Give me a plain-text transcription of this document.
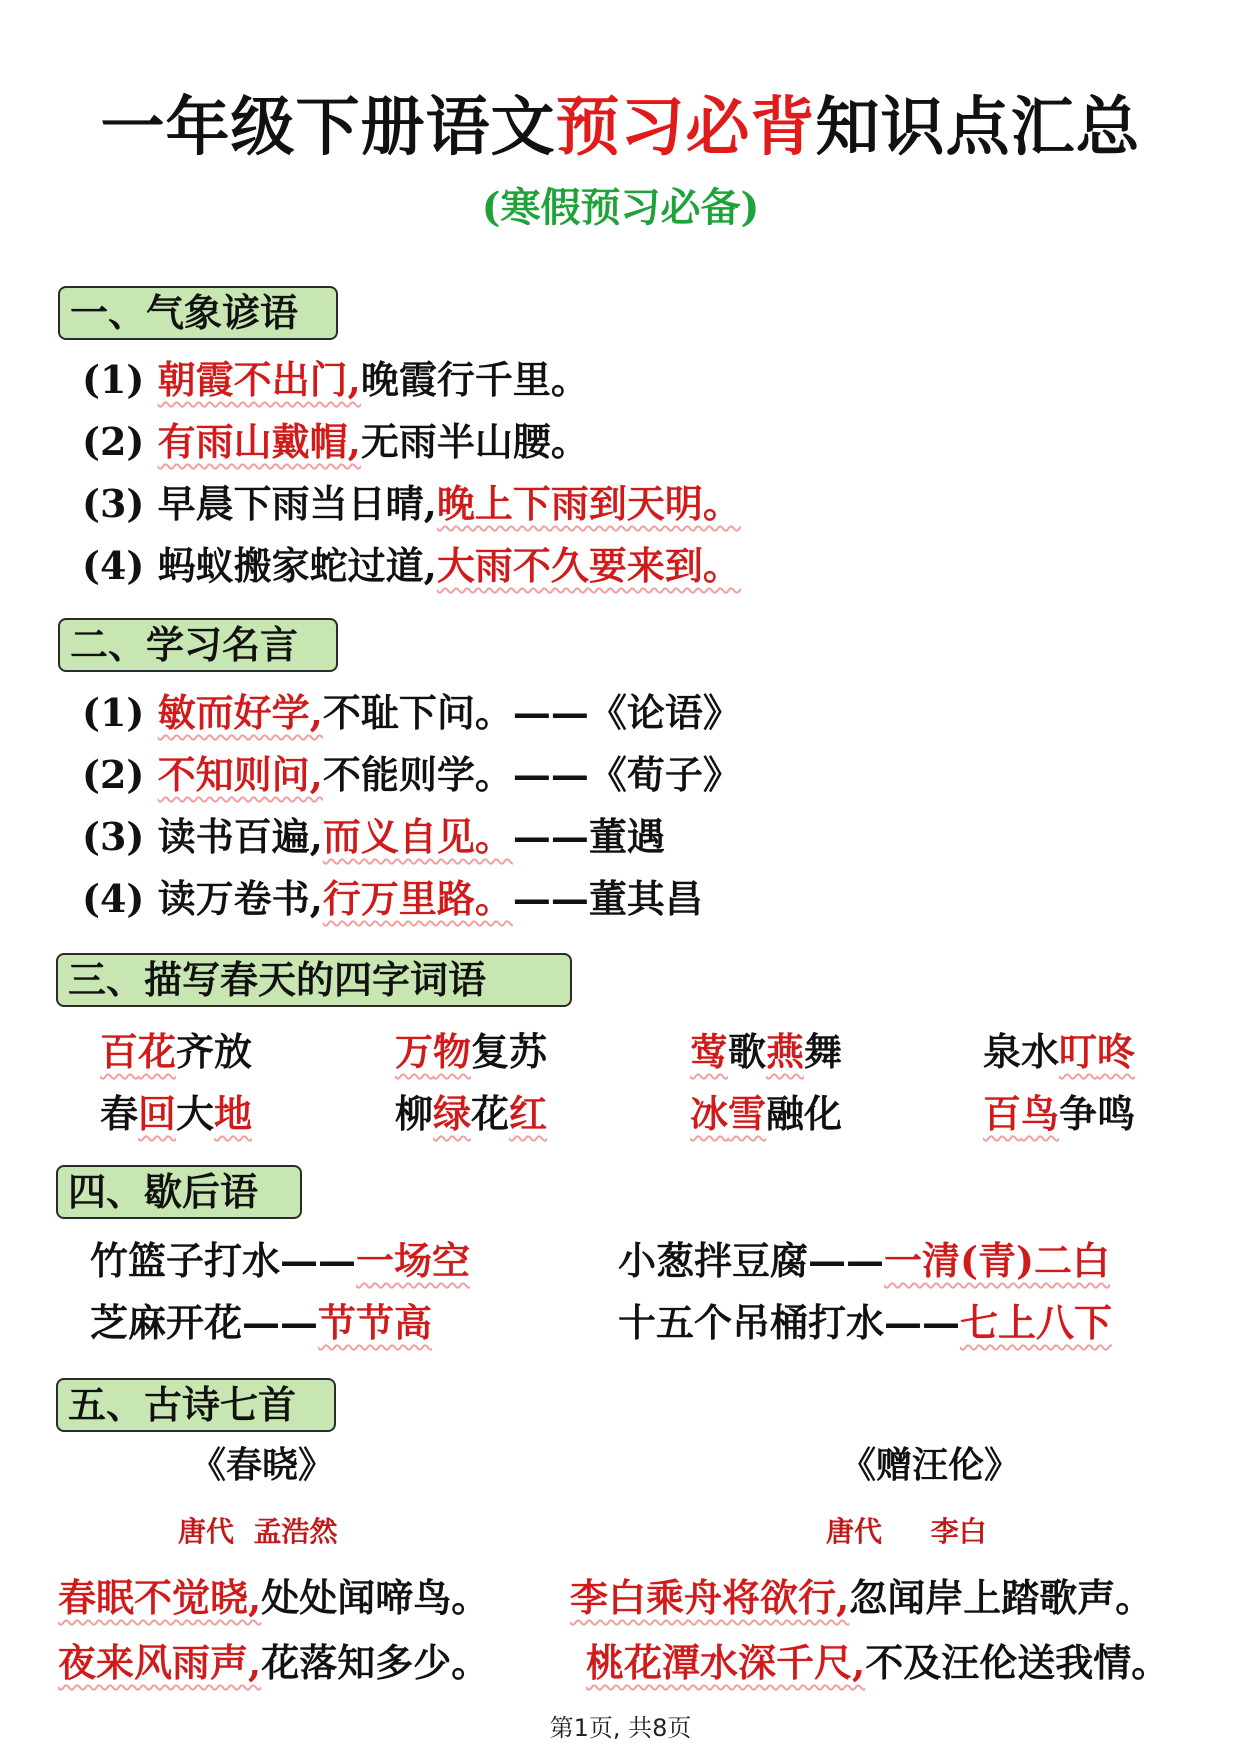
一年级下册语文预习必背知识点汇总
(寒假预习必备)
一、气象谚语
(1) 朝霞不出门,晚霞行千里。
(2) 有雨山戴帽,无雨半山腰。
(3) 早晨下雨当日晴,晚上下雨到天明。
(4) 蚂蚁搬家蛇过道,大雨不久要来到。
二、学习名言
(1) 敏而好学,不耻下问。——《论语》
(2) 不知则问,不能则学。——《荀子》
(3) 读书百遍,而义自见。——董遇
(4) 读万卷书,行万里路。——董其昌
三、描写春天的四字词语
百花齐放	万物复苏	莺歌燕舞	泉水叮咚
春回大地	柳绿花红	冰雪融化	百鸟争鸣
四、歇后语
竹篮子打水——一场空	小葱拌豆腐——一清(青)二白
芝麻开花——节节高	十五个吊桶打水——七上八下
五、古诗七首
《春晓》
唐代 孟浩然
春眠不觉晓,处处闻啼鸟。
夜来风雨声,花落知多少。
《赠汪伦》
唐代 李白
李白乘舟将欲行,忽闻岸上踏歌声。
桃花潭水深千尺,不及汪伦送我情。
第1页, 共8页
